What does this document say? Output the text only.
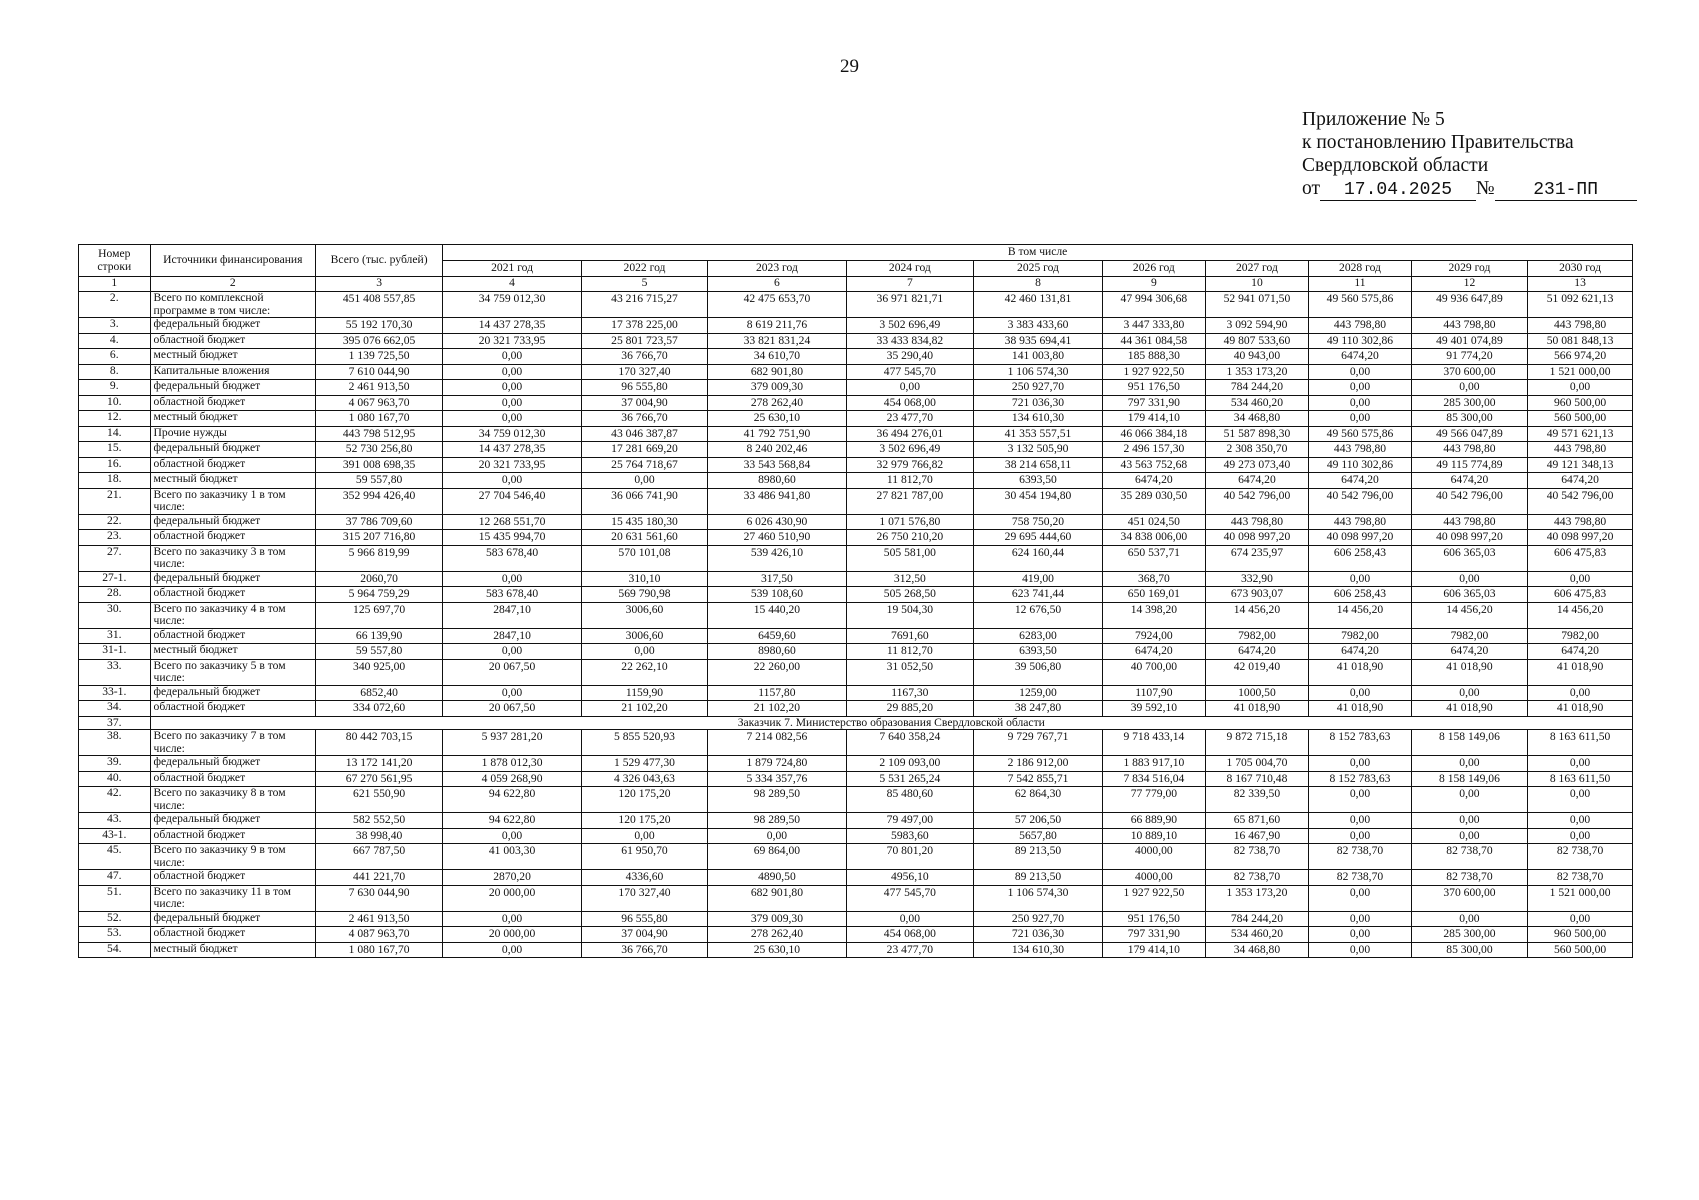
29
Приложение № 5
к постановлению Правительства
Свердловской области
от 17.04.2025 № 231-ПП
Номер строки	Источники финансирования	Всего (тыс. рублей)	В том числе									
			2021 год	2022 год	2023 год	2024 год	2025 год	2026 год	2027 год	2028 год	2029 год	2030 год
1	2	3	4	5	6	7	8	9	10	11	12	13
2.	Всего по комплексной программе в том числе:	451 408 557,85	34 759 012,30	43 216 715,27	42 475 653,70	36 971 821,71	42 460 131,81	47 994 306,68	52 941 071,50	49 560 575,86	49 936 647,89	51 092 621,13
3.	федеральный бюджет	55 192 170,30	14 437 278,35	17 378 225,00	8 619 211,76	3 502 696,49	3 383 433,60	3 447 333,80	3 092 594,90	443 798,80	443 798,80	443 798,80
4.	областной бюджет	395 076 662,05	20 321 733,95	25 801 723,57	33 821 831,24	33 433 834,82	38 935 694,41	44 361 084,58	49 807 533,60	49 110 302,86	49 401 074,89	50 081 848,13
6.	местный бюджет	1 139 725,50	0,00	36 766,70	34 610,70	35 290,40	141 003,80	185 888,30	40 943,00	6474,20	91 774,20	566 974,20
8.	Капитальные вложения	7 610 044,90	0,00	170 327,40	682 901,80	477 545,70	1 106 574,30	1 927 922,50	1 353 173,20	0,00	370 600,00	1 521 000,00
9.	федеральный бюджет	2 461 913,50	0,00	96 555,80	379 009,30	0,00	250 927,70	951 176,50	784 244,20	0,00	0,00	0,00
10.	областной бюджет	4 067 963,70	0,00	37 004,90	278 262,40	454 068,00	721 036,30	797 331,90	534 460,20	0,00	285 300,00	960 500,00
12.	местный бюджет	1 080 167,70	0,00	36 766,70	25 630,10	23 477,70	134 610,30	179 414,10	34 468,80	0,00	85 300,00	560 500,00
14.	Прочие нужды	443 798 512,95	34 759 012,30	43 046 387,87	41 792 751,90	36 494 276,01	41 353 557,51	46 066 384,18	51 587 898,30	49 560 575,86	49 566 047,89	49 571 621,13
15.	федеральный бюджет	52 730 256,80	14 437 278,35	17 281 669,20	8 240 202,46	3 502 696,49	3 132 505,90	2 496 157,30	2 308 350,70	443 798,80	443 798,80	443 798,80
16.	областной бюджет	391 008 698,35	20 321 733,95	25 764 718,67	33 543 568,84	32 979 766,82	38 214 658,11	43 563 752,68	49 273 073,40	49 110 302,86	49 115 774,89	49 121 348,13
18.	местный бюджет	59 557,80	0,00	0,00	8980,60	11 812,70	6393,50	6474,20	6474,20	6474,20	6474,20	6474,20
21.	Всего по заказчику 1 в том числе:	352 994 426,40	27 704 546,40	36 066 741,90	33 486 941,80	27 821 787,00	30 454 194,80	35 289 030,50	40 542 796,00	40 542 796,00	40 542 796,00	40 542 796,00
22.	федеральный бюджет	37 786 709,60	12 268 551,70	15 435 180,30	6 026 430,90	1 071 576,80	758 750,20	451 024,50	443 798,80	443 798,80	443 798,80	443 798,80
23.	областной бюджет	315 207 716,80	15 435 994,70	20 631 561,60	27 460 510,90	26 750 210,20	29 695 444,60	34 838 006,00	40 098 997,20	40 098 997,20	40 098 997,20	40 098 997,20
27.	Всего по заказчику 3 в том числе:	5 966 819,99	583 678,40	570 101,08	539 426,10	505 581,00	624 160,44	650 537,71	674 235,97	606 258,43	606 365,03	606 475,83
27-1.	федеральный бюджет	2060,70	0,00	310,10	317,50	312,50	419,00	368,70	332,90	0,00	0,00	0,00
28.	областной бюджет	5 964 759,29	583 678,40	569 790,98	539 108,60	505 268,50	623 741,44	650 169,01	673 903,07	606 258,43	606 365,03	606 475,83
30.	Всего по заказчику 4 в том числе:	125 697,70	2847,10	3006,60	15 440,20	19 504,30	12 676,50	14 398,20	14 456,20	14 456,20	14 456,20	14 456,20
31.	областной бюджет	66 139,90	2847,10	3006,60	6459,60	7691,60	6283,00	7924,00	7982,00	7982,00	7982,00	7982,00
31-1.	местный бюджет	59 557,80	0,00	0,00	8980,60	11 812,70	6393,50	6474,20	6474,20	6474,20	6474,20	6474,20
33.	Всего по заказчику 5 в том числе:	340 925,00	20 067,50	22 262,10	22 260,00	31 052,50	39 506,80	40 700,00	42 019,40	41 018,90	41 018,90	41 018,90
33-1.	федеральный бюджет	6852,40	0,00	1159,90	1157,80	1167,30	1259,00	1107,90	1000,50	0,00	0,00	0,00
34.	областной бюджет	334 072,60	20 067,50	21 102,20	21 102,20	29 885,20	38 247,80	39 592,10	41 018,90	41 018,90	41 018,90	41 018,90
37.	Заказчик 7. Министерство образования Свердловской области											
38.	Всего по заказчику 7 в том числе:	80 442 703,15	5 937 281,20	5 855 520,93	7 214 082,56	7 640 358,24	9 729 767,71	9 718 433,14	9 872 715,18	8 152 783,63	8 158 149,06	8 163 611,50
39.	федеральный бюджет	13 172 141,20	1 878 012,30	1 529 477,30	1 879 724,80	2 109 093,00	2 186 912,00	1 883 917,10	1 705 004,70	0,00	0,00	0,00
40.	областной бюджет	67 270 561,95	4 059 268,90	4 326 043,63	5 334 357,76	5 531 265,24	7 542 855,71	7 834 516,04	8 167 710,48	8 152 783,63	8 158 149,06	8 163 611,50
42.	Всего по заказчику 8 в том числе:	621 550,90	94 622,80	120 175,20	98 289,50	85 480,60	62 864,30	77 779,00	82 339,50	0,00	0,00	0,00
43.	федеральный бюджет	582 552,50	94 622,80	120 175,20	98 289,50	79 497,00	57 206,50	66 889,90	65 871,60	0,00	0,00	0,00
43-1.	областной бюджет	38 998,40	0,00	0,00	0,00	5983,60	5657,80	10 889,10	16 467,90	0,00	0,00	0,00
45.	Всего по заказчику 9 в том числе:	667 787,50	41 003,30	61 950,70	69 864,00	70 801,20	89 213,50	4000,00	82 738,70	82 738,70	82 738,70	82 738,70
47.	областной бюджет	441 221,70	2870,20	4336,60	4890,50	4956,10	89 213,50	4000,00	82 738,70	82 738,70	82 738,70	82 738,70
51.	Всего по заказчику 11 в том числе:	7 630 044,90	20 000,00	170 327,40	682 901,80	477 545,70	1 106 574,30	1 927 922,50	1 353 173,20	0,00	370 600,00	1 521 000,00
52.	федеральный бюджет	2 461 913,50	0,00	96 555,80	379 009,30	0,00	250 927,70	951 176,50	784 244,20	0,00	0,00	0,00
53.	областной бюджет	4 087 963,70	20 000,00	37 004,90	278 262,40	454 068,00	721 036,30	797 331,90	534 460,20	0,00	285 300,00	960 500,00
54.	местный бюджет	1 080 167,70	0,00	36 766,70	25 630,10	23 477,70	134 610,30	179 414,10	34 468,80	0,00	85 300,00	560 500,00
